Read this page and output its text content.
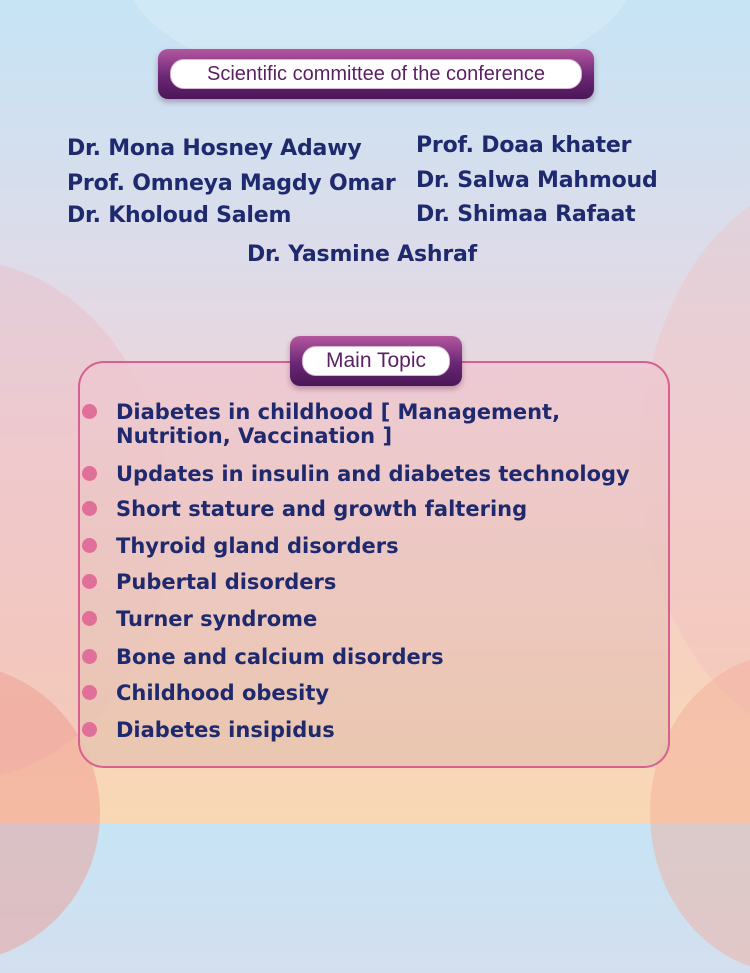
Scientific committee of the conference
Dr. Mona Hosney Adawy
Prof. Omneya Magdy Omar
Dr. Kholoud Salem
Prof. Doaa khater
Dr. Salwa Mahmoud
Dr. Shimaa Rafaat
Dr. Yasmine Ashraf
Main Topic
Diabetes in childhood [ Management,
Nutrition, Vaccination ]
Updates in insulin and diabetes technology
Short stature and growth faltering
Thyroid gland disorders
Pubertal disorders
Turner syndrome
Bone and calcium disorders
Childhood obesity
Diabetes insipidus
